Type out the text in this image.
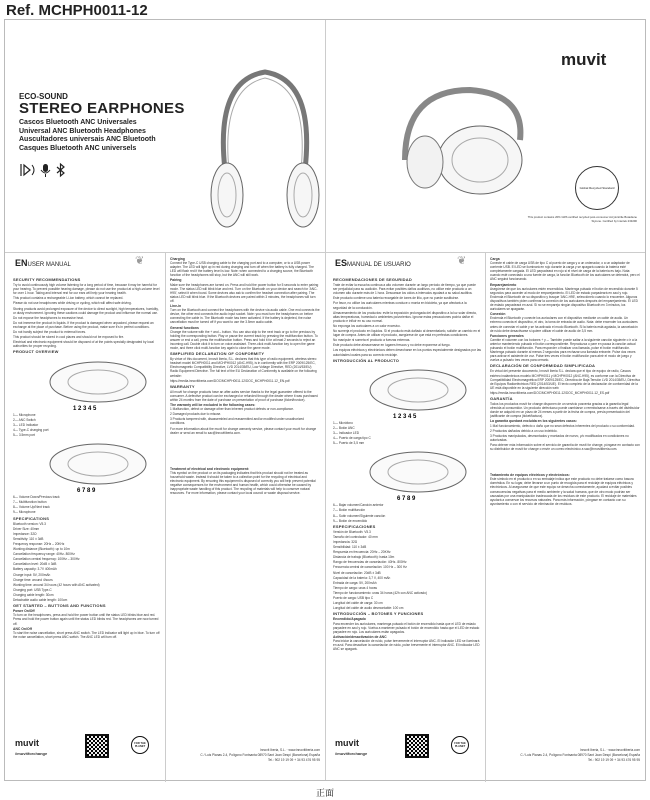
Ref. MCHPH0011-12
ECO-SOUND
STEREO EARPHONES
Cascos Bluetooth ANC Universales
Universal ANC Bluetooth Headphones
Auscultadores universais ANC Bluetooth
Casques Bluetooth ANC universels
muvit
Global Recycled Standard
This product contains 20% GRS certified recycled post-consumer Acrylonitrile Butadiene Styrene. Certified by Intertek 233290
ENUSER MANUAL	❦
SECURITY RECOMMENDATIONS

Try to avoid continuously high volume listening for a long period of time, because it may be harmful for your hearing. To prevent possible hearing damage, please do not use the product at a high-volume level for over 1 hour. Taking and interval rest for our ears will help your hearing health.

This product contains a rechargeable Li-ion battery, which cannot be replaced.

Please do not use headphones while driving or cycling, which will affect safe driving.

Storing products avoid prolonged exposure of the device to direct sunlight, high temperatures, humidity, or dusty environment. Ignoring these cautions could damage the product and influence the normal use.

Do not expose the headphones to excessive heat.

Do not immerse the product in liquids. If the product is damaged when unpacked, please request an exchange at the place of purchase. Before using the product, make sure it's in perfect conditions.

Do not hardly subject the product to external forces.

This product should be stored in cool places and should not be exposed to fire.

Electrical and electronic equipment should be disposed of at the points specially designated by local authorities for proper recycling.

PRODUCT OVERVIEW
1 2 3 4 5

1— Microphone

2— ANC Switch

3— LED Indicator

4— Type-C charging port

5— 3.5mm port

6 7 8 9

6— Volume Down/Previous track

7— Multifunction button

8— Volume Up/Next track

9— Microphone

SPECIFICATIONS

Bluetooth version: V5.3

Driver Size: 40mm

Impedance: 32Ω

Sensitivity: 110 ± 3dB

Frequency response: 20Hz – 20KHz

Working distance (Bluetooth): up to 10m

Cancellation frequency range: 40Hz- 800Hz

Cancellation central frequency: 100Hz – 300Hz

Cancellation level: 20dB ± 3dB

Battery capacity: 3.7V 400mAh

Charge input: 5V, 200mAh

Charge time: around 4hours

Working time: around 34 hours (42 hours with ANC activated)

Charging port: USB Type-C

Charging cable length: 30cm

Detachable audio cable length: 100cm

GET STARTED – BUTTONS AND FUNCTIONS
Power On/Off

To turn on the headphones, press and hold the power button until the status LED blinks blue and red. Press and hold the power button again until the status LED blinks red. The headphones are now turned off.

ANC On/Off

To start the noise cancellation, short press ANC switch. The LED indicator will light up in blue. To turn off the noise cancellation, short press ANC switch. The ANC LED will turn off.

Charging

Connect the Type-C USB charging cable to the charging port and to a computer, or to a USB power adapter. The LED will light up in red during charging and turn off when the battery is fully charged. The LED will flash red if the battery level is low. Note: when connected to a charging source, the Bluetooth function of the headphones will stop, but the ANC will still work.

Pairing

Make sure the headphones are turned on. Press and hold the power button for 5 seconds to enter pairing mode. The status LED will blink blue and red. Turn on the Bluetooth on your device and search for 'ANC-H95', select it when found. Some devices also ask to confirm the headset connection after pairing. The status LED will blink blue. If the Bluetooth devices are paired within 3 minutes, the headphones will turn off.

Line-in

Turn on the Bluetooth and connect the headphones with the device via audio cable. One end connects the device, the other end connects the audio input socket. Note: you must turn the headphones on before connecting the cable in. The Bluetooth mode has been activated. If the battery is depleted, the noise cancellation must be turned off if you want to use the 3.5mm audio cable.

General functions

Change the volume with the + and – button. You can also skip to the next track or go to the previous by holding the corresponding button. Play or pause the current track by pressing the multifunction button. To answer or end a call, press the multifunction button. Press and hold it for at least 2 seconds to reject an incoming call. Double click it to turn on voice assistant. Three-click multi-function key to open the game mode, and three click multi-function key again to close the game mode.

SIMPLIFIED DECLARATION OF CONFORMITY

By virtue of this document, Innovit Iberia, S.L. declares that this type of radio equipment, wireless stereo headset model MCHPH0011 and MCHPH0012 (ANC-H95), is in conformity with the ERP 2009/125/EC, Electromagnetic Compatibility Directive, LVD 2014/35/EU, Low Voltage Directive, RED (2014/53/EU) Radio Equipment Directive. The full text of the EU Declaration of Conformity is available on the following website:

https://media.innovitiberia.com/DOC/MCHPH0011-12/DOC_MCHPH0011-12_EN.pdf

WARRANTY

All muvit for change products have an after-sales service thanks to the legal guarantee offered to the consumer. A defective product can be exchanged or refunded through the dealer where it was purchased within 24 months from the date of purchase on presentation of proof of purchase (ticket/invoice).

The warranty will be excluded in the following cases:

1 Malfunction, defect or damage other than inherent product defects or non-compliance.

2 Damaged products due to misuse.

3 Products tampered with, disassembled and reassembled and/or modified under unauthorized conditions.

For more information about the muvit for change warranty service, please contact your muvit for change dealer or send an email to sac@innovitiberia.com.

Treatment of electrical and electronic equipment:

This symbol on the product or on its packaging indicates that this product should not be treated as household waste. Instead it should be taken to a collection point for the recycling of electrical and electronic equipment. By ensuring this equipment is disposed of correctly you will help prevent potential negative consequences for the environment and human health, which could otherwise be caused by inappropriate waste handling of this product. The recycling of materials will help to conserve natural resources. For more information, please contact your local council or waste disposal service.

muvit
#muvitforchange
FOR THE PLANET

Innovit Iberia, S.L. · www.innovitiberia.com

C / Luis Planas 2-4, Polígono Fontsanta 08970 Sant Joan Despí (Barcelona) España

Tel.: 902 19 19 09 + 34 93 476 95 95

ESMANUAL DE USUARIO	❦
RECOMENDACIONES DE SEGURIDAD

Trate de evitar la escucha continua a alto volumen durante un largo período de tiempo, ya que puede ser perjudicial para su audición. Para evitar posibles daños auditivos, no utilice este producto a un volumen alto durante más de 1 hora. Descansar los oídos a intervalos ayudará a su salud auditiva.

Este producto contiene una batería recargable de iones de litio, que no puede sustituirse.

Por favor, no utilice los auriculares mientras conduce o monta en bicicleta, ya que afectará a la seguridad de la conducción.

Almacenamiento de los productos: evite la exposición prolongada del dispositivo a la luz solar directa, altas temperaturas, humedad o ambientes polvorientos. Ignorar estas precauciones podría dañar el producto e influir en su uso normal.

No exponga los auriculares a un calor excesivo.

No sumerja el producto en líquidos. Si el producto está dañado al desembalarlo, solicite un cambio en el lugar de compra. Antes de utilizar el producto, asegúrese de que está en perfectas condiciones.

No manipule ni someta el producto a fuerzas externas.

Este producto debe almacenarse en lugares frescos y no debe exponerse al fuego.

Los equipos eléctricos y electrónicos deben desecharse en los puntos especialmente designados por las autoridades locales para su correcto reciclaje.

INTRODUCCIÓN AL PRODUCTO
1 2 3 4 5

1— Micrófono

2— Botón ANC

3— Indicador LED

4— Puerto de carga tipo C

5— Puerto de 3,5 mm

6 7 8 9

6— Bajar volumen/Canción anterior

7— Botón multifunción

8— Subir volumen/Siguiente canción

9— Botón de encendido

ESPECIFICACIONES

Versión de Bluetooth: V5.3

Tamaño del controlador: 40 mm

Impedancia: 32Ω

Sensibilidad: 110 ± 3dB

Respuesta en frecuencia: 20Hz – 20KHz

Distancia de trabajo (Bluetooth): hasta 10m

Rango de frecuencias de cancelación: 40Hz- 800Hz

Frecuencia central de cancelación: 100 Hz – 300 Hz

Nivel de cancelación: 20dB ± 3dB

Capacidad de la batería: 3,7 V, 400 mAh

Entrada de carga: 5V, 200mAh

Tiempo de carga: unas 4 horas

Tiempo de funcionamiento: unas 34 horas (42h con ANC activado)

Puerto de carga: USB tipo C

Longitud del cable de carga: 30 cm

Longitud del cable de audio desmontable: 100 cm

INTRODUCCIÓN – BOTONES Y FUNCIONES
Encendido/Apagado

Para encender los auriculares, mantenga pulsado el botón de encendido hasta que el LED de estado parpadee en azul y rojo. Vuelva a mantener pulsado el botón de encendido hasta que el LED de estado parpadee en rojo. Los auriculares están apagados.

Activación/desactivación de ANC

Para iniciar la cancelación de ruido, pulse brevemente el interruptor ANC. El indicador LED se iluminará en azul. Para desactivar la cancelación de ruido, pulse brevemente el interruptor ANC. El indicador LED ANC se apagará.

Carga

Conecte el cable de carga USB de tipo C al puerto de carga y a un ordenador, o a un adaptador de corriente USB. El LED se iluminará en rojo durante la carga y se apagará cuando la batería esté completamente cargada. El LED parpadeará en rojo si el nivel de carga de la batería es bajo. Nota: cuando esté conectado a una fuente de carga, la función Bluetooth de los auriculares se detendrá, pero el ANC seguirá funcionando.

Emparejamiento

Asegúrese de que los auriculares estén encendidos. Mantenga pulsado el botón de encendido durante 5 segundos para acceder al modo de emparejamiento. El LED de estado parpadeará en azul y rojo. Encienda el Bluetooth de su dispositivo y busque 'ANC-H95', selecciónelo cuando lo encuentre. Algunos dispositivos también piden confirmar la conexión de los auriculares después del emparejamiento. El LED de estado parpadeará en azul. Si no se empareja ningún dispositivo Bluetooth en 3 minutos, los auriculares se apagarán.

Conexión

Encienda el Bluetooth y conecte los auriculares con el dispositivo mediante un cable de audio. Un extremo conecta el dispositivo, el otro, la toma de entrada de audio. Nota: debe encender los auriculares antes de conectar el cable y se ha activado el modo Bluetooth. Si la batería está agotada, la cancelación de ruido debe desactivarse si quiere utilizar el cable de audio de 3,5 mm.

Funciones generales

Cambie el volumen con los botones + y –. También puede saltar a la siguiente canción siguiente o ir a la anterior manteniendo pulsado el botón correspondiente. Reproduzca o pare en pausa la canción actual pulsando el botón multifunción. Para responder o finalizar una llamada, pulse el botón multifunción. Mantenga pulsado durante al menos 2 segundos para rechazar una llamada entrante. Pulse dos veces para activar el asistente de voz. Pulse tres veces el botón multifunción para abrir el modo de juego y vuelva a pulsarlo tres veces para cerrarlo.

DECLARACIÓN DE CONFORMIDAD SIMPLIFICADA

En virtud del presente documento, Innovit Iberia S.L. declara que el tipo de equipo de radio, Cascos estéreo inalámbricos modelo MCHPH0011 y MCHPH0012 (ANC-H95), es conforme con la Directiva de Compatibilidad Electromagnética ERP 2009/125/EC, Directiva de Baja Tensión LVD 2014/35/EU, Directiva de Equipos Radioeléctricos RED (2014/53/UE). El texto completo de la declaración de conformidad de la UE está disponible en la siguiente dirección web:

https://media.innovitiberia.com/DOC/MCHPH0011-12/DOC_MCHPH0011-12_ES.pdf

GARANTÍA

Todos los productos muvit for change disponen de un servicio posventa gracias a la garantía legal ofrecida al consumidor. Un producto defectuoso puede cambiarse o reembolsarse a través del distribuidor donde se adquirió en un plazo de 24 meses a partir de la fecha de compra, previa presentación del justificante de compra (ticket/factura).

La garantía quedará excluida en los siguientes casos:

1 Mal funcionamiento, defecto o daño que no sean defectos inherentes del producto o su conformidad.

2 Productos dañados debido a un uso indebido.

3 Productos manipulados, desmontados y montados de nuevo, y/o modificados en condiciones no autorizadas.

Para obtener más información sobre el servicio de garantía de muvit for change, póngase en contacto con su distribuidor de muvit for change o envíe un correo electrónico a sac@innovitiberia.com.

Tratamiento de equipos eléctricos y electrónicos:

Este símbolo en el producto o en su embalaje indica que este producto no debe tratarse como basura doméstica. En su lugar, debe llevarse a un punto de recogida para el reciclaje de equipos eléctricos y electrónicos. Al asegurarse de que este equipo se desecha correctamente, ayudará a evitar posibles consecuencias negativas para el medio ambiente y la salud humana, que de otro modo podrían ser causadas por una manipulación inadecuada de los residuos de este producto. El reciclaje de materiales ayudará a conservar los recursos naturales. Para más información, póngase en contacto con su ayuntamiento o con el servicio de eliminación de residuos.

muvit
#muvitforchange
FOR THE PLANET

Innovit Iberia, S.L. · www.innovitiberia.com

C / Luis Planas 2-4, Polígono Fontsanta 08970 Sant Joan Despí (Barcelona) España

Tel.: 902 19 19 09 + 34 93 476 95 95

正面
